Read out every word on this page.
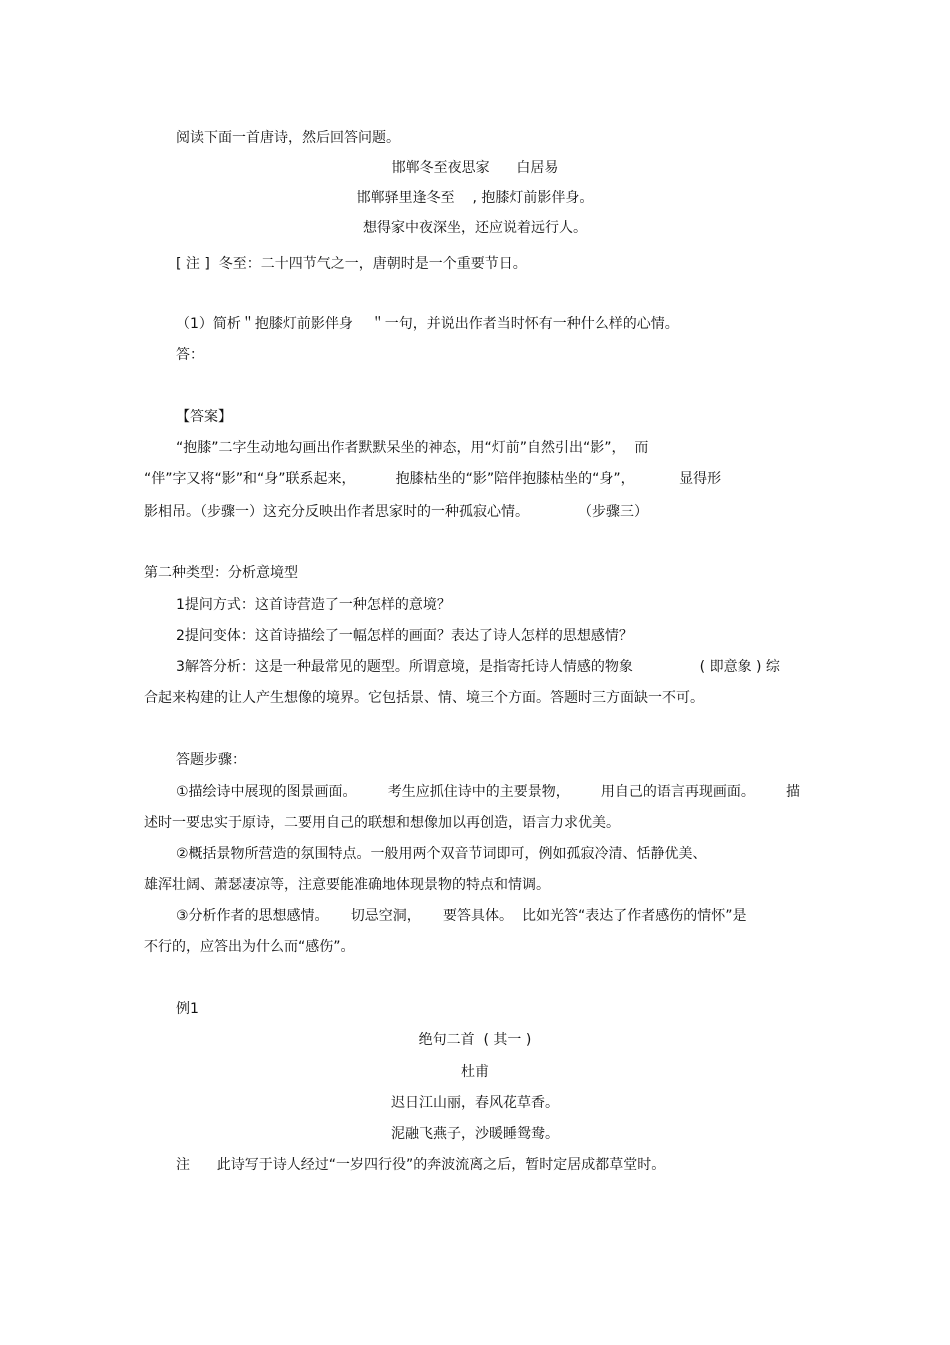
阅读下面一首唐诗，然后回答问题。

邯郸冬至夜思家      白居易

邯郸驿里逢冬至    , 抱膝灯前影伴身。

想得家中夜深坐，还应说着远行人。

[ 注 ]  冬至：二十四节气之一，唐朝时是一个重要节日。

（1）简析＂抱膝灯前影伴身    ＂一句，并说出作者当时怀有一种什么样的心情。

答：

【答案】

“抱膝”二字生动地勾画出作者默默呆坐的神态，用“灯前”自然引出“影”，  而

“伴”字又将“影”和“身”联系起来，         抱膝枯坐的“影”陪伴抱膝枯坐的“身”，          显得形

影相吊。（步骤一）这充分反映出作者思家时的一种孤寂心情。           （步骤三）

第二种类型：分析意境型

1提问方式：这首诗营造了一种怎样的意境？

2提问变体：这首诗描绘了一幅怎样的画面？表达了诗人怎样的思想感情？

3解答分析：这是一种最常见的题型。所谓意境，是指寄托诗人情感的物象               ( 即意象 ) 综

合起来构建的让人产生想像的境界。它包括景、情、境三个方面。答题时三方面缺一不可。

答题步骤：

①描绘诗中展现的图景画面。       考生应抓住诗中的主要景物，       用自己的语言再现画面。       描

述时一要忠实于原诗，二要用自己的联想和想像加以再创造，语言力求优美。

②概括景物所营造的氛围特点。一般用两个双音节词即可，例如孤寂冷清、恬静优美、

雄浑壮阔、萧瑟凄凉等，注意要能准确地体现景物的特点和情调。

③分析作者的思想感情。     切忌空洞，     要答具体。  比如光答“表达了作者感伤的情怀”是

不行的，应答出为什么而“感伤”。

例1

绝句二首  ( 其一 )

杜甫

迟日江山丽，春风花草香。

泥融飞燕子，沙暖睡鸳鸯。

注      此诗写于诗人经过“一岁四行役”的奔波流离之后，暂时定居成都草堂时。
